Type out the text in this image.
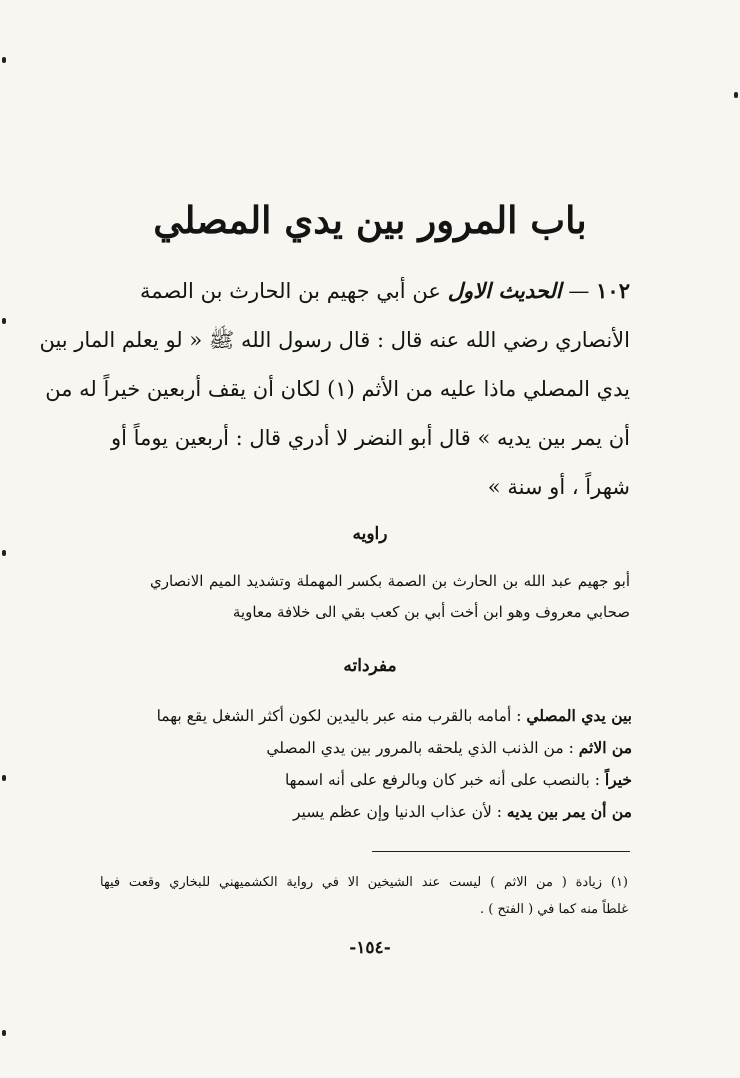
باب المرور بين يدي المصلي
١٠٢ — الحديث الاول عن أبي جهيم بن الحارث بن الصمة
الأنصاري رضي الله عنه قال : قال رسول الله ﷺ « لو يعلم المار بين
يدي المصلي ماذا عليه من الأثم (١) لكان أن يقف أربعين خيراً له من
أن يمر بين يديه » قال أبو النضر لا أدري قال : أربعين يوماً أو
شهراً ، أو سنة »
راويه
أبو جهيم عبد الله بن الحارث بن الصمة بكسر المهملة وتشديد الميم الانصاري
صحابي معروف وهو ابن أخت أبي بن كعب بقي الى خلافة معاوية
مفرداته
بين يدي المصلي : أمامه بالقرب منه عبر باليدين لكون أكثر الشغل يقع بهما
من الاثم : من الذنب الذي يلحقه بالمرور بين يدي المصلي
خيراً : بالنصب على أنه خبر كان وبالرفع على أنه اسمها
من أن يمر بين يديه : لأن عذاب الدنيا وإن عظم يسير
(١) زيادة ( من الاثم ) ليست عند الشيخين الا في رواية الكشميهني للبخاري وقعت فيها
غلطاً منه كما في ( الفتح ) .
-١٥٤-
